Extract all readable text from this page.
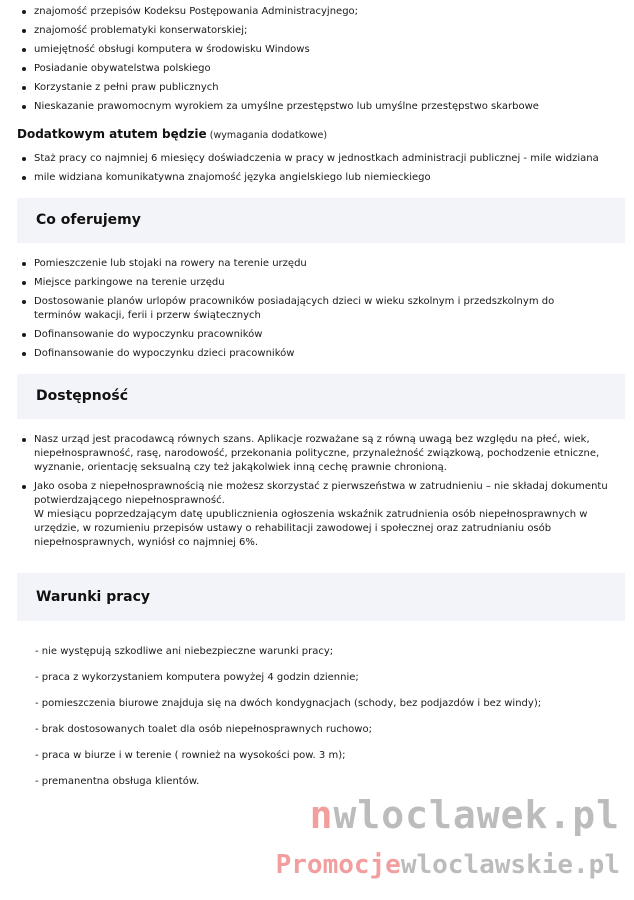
znajomość przepisów Kodeksu Postępowania Administracyjnego;
znajomość problematyki konserwatorskiej;
umiejętność obsługi komputera w środowisku Windows
Posiadanie obywatelstwa polskiego
Korzystanie z pełni praw publicznych
Nieskazanie prawomocnym wyrokiem za umyślne przestępstwo lub umyślne przestępstwo skarbowe
Dodatkowym atutem będzie (wymagania dodatkowe)
Staż pracy co najmniej 6 miesięcy doświadczenia w pracy w jednostkach administracji publicznej - mile widziana
mile widziana komunikatywna znajomość języka angielskiego lub niemieckiego
Co oferujemy
Pomieszczenie lub stojaki na rowery na terenie urzędu
Miejsce parkingowe na terenie urzędu
Dostosowanie planów urlopów pracowników posiadających dzieci w wieku szkolnym i przedszkolnym do terminów wakacji, ferii i przerw świątecznych
Dofinansowanie do wypoczynku pracowników
Dofinansowanie do wypoczynku dzieci pracowników
Dostępność
Nasz urząd jest pracodawcą równych szans. Aplikacje rozważane są z równą uwagą bez względu na płeć, wiek, niepełnosprawność, rasę, narodowość, przekonania polityczne, przynależność związkową, pochodzenie etniczne, wyznanie, orientację seksualną czy też jakąkolwiek inną cechę prawnie chronioną.
Jako osoba z niepełnosprawnością nie możesz skorzystać z pierwszeństwa w zatrudnieniu – nie składaj dokumentu potwierdzającego niepełnosprawność.
W miesiącu poprzedzającym datę upublicznienia ogłoszenia wskaźnik zatrudnienia osób niepełnosprawnych w urzędzie, w rozumieniu przepisów ustawy o rehabilitacji zawodowej i społecznej oraz zatrudnianiu osób niepełnosprawnych, wyniósł co najmniej 6%.
Warunki pracy
- nie występują szkodliwe ani niebezpieczne warunki pracy;
- praca z wykorzystaniem komputera powyżej 4 godzin dziennie;
- pomieszczenia biurowe znajduja się na dwóch kondygnacjach (schody, bez podjazdów i bez windy);
- brak dostosowanych toalet dla osób niepełnosprawnych ruchowo;
- praca w biurze i w terenie ( rownież na wysokości pow. 3 m);
- premanentna obsługa klientów.
nwloclawek.pl
Promocjewloclawskie.pl
